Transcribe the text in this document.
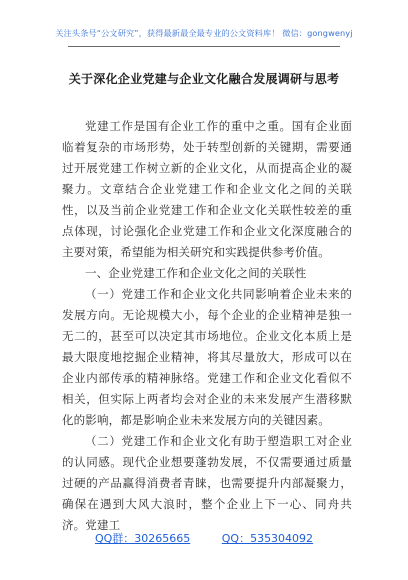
关注头条号“公文研究”，获得最新最全最专业的公文资料库！ 微信：gongwenyj
关于深化企业党建与企业文化融合发展调研与思考

党建工作是国有企业工作的重中之重。国有企业面临着复杂的市场形势，处于转型创新的关键期，需要通过开展党建工作树立新的企业文化，从而提高企业的凝聚力。文章结合企业党建工作和企业文化之间的关联性，以及当前企业党建工作和企业文化关联性较差的重点体现，讨论强化企业党建工作和企业文化深度融合的主要对策，希望能为相关研究和实践提供参考价值。

一、企业党建工作和企业文化之间的关联性

（一）党建工作和企业文化共同影响着企业未来的发展方向。无论规模大小，每个企业的企业精神是独一无二的，甚至可以决定其市场地位。企业文化本质上是最大限度地挖掘企业精神，将其尽量放大，形成可以在企业内部传承的精神脉络。党建工作和企业文化看似不相关，但实际上两者均会对企业的未来发展产生潜移默化的影响，都是影响企业未来发展方向的关键因素。

（二）党建工作和企业文化有助于塑造职工对企业的认同感。现代企业想要蓬勃发展，不仅需要通过质量过硬的产品赢得消费者青睐，也需要提升内部凝聚力，确保在遇到大风大浪时，整个企业上下一心、同舟共济。党建工

QQ群：30265665	QQ：535304092
